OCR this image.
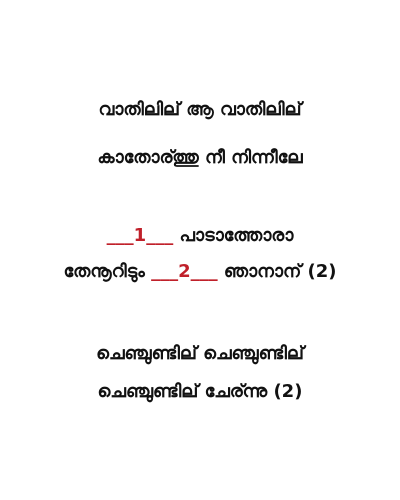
വാതിലില് ആ വാതിലില്
കാതോര്ത്തു നീ നിന്നീലേ
___1___ പാടാത്തോരാ
തേനൂറിടും ___2___ ഞാനാന് (2)
ചെഞ്ചുണ്ടില് ചെഞ്ചുണ്ടില്
ചെഞ്ചുണ്ടില് ചേര്ന്നു (2)
